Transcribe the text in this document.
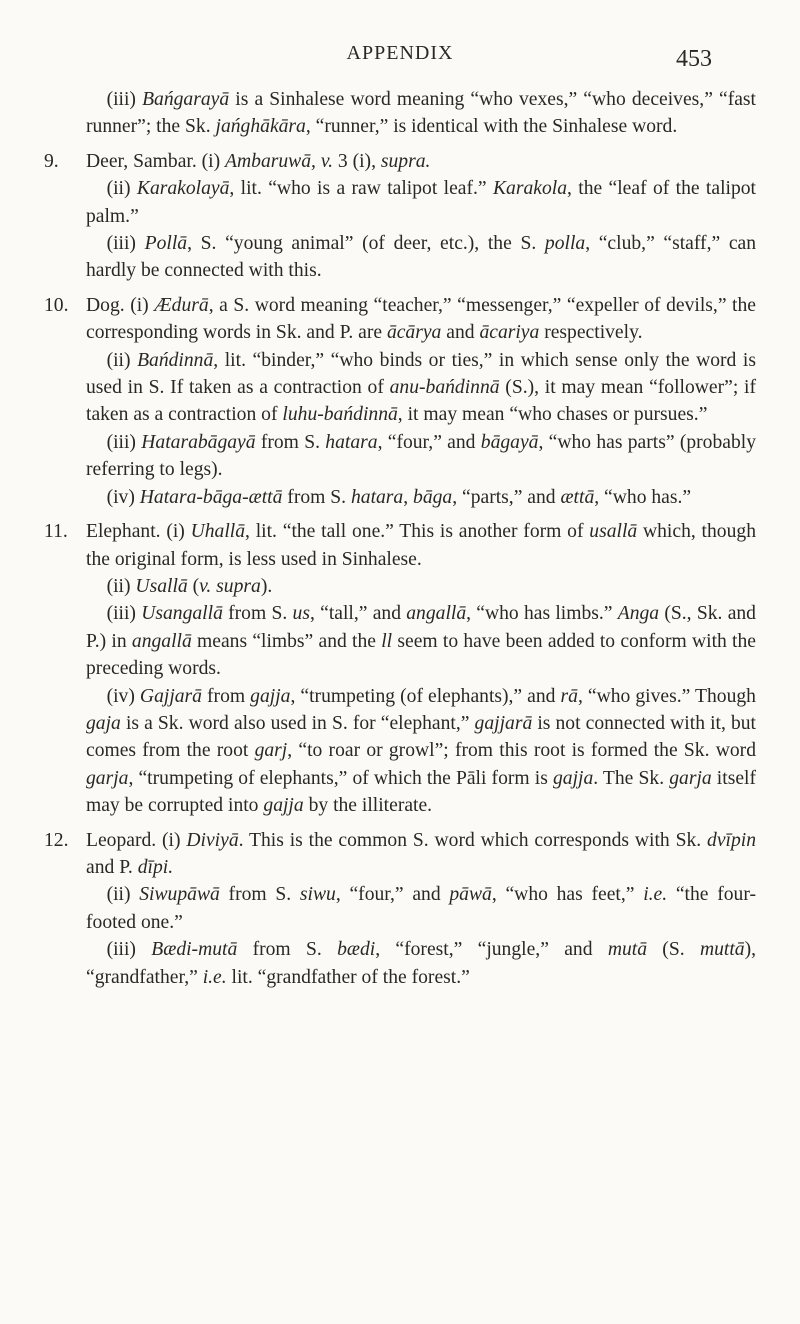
APPENDIX	453

(iii) Bańgarayā is a Sinhalese word meaning “who vexes,” “who deceives,” “fast runner”; the Sk. jańghākāra, “runner,” is identical with the Sinhalese word.

9. Deer, Sambar. (i) Ambaruwā, v. 3 (i), supra.

(ii) Karakolayā, lit. “who is a raw talipot leaf.” Karakola, the “leaf of the talipot palm.”

(iii) Pollā, S. “young animal” (of deer, etc.), the S. polla, “club,” “staff,” can hardly be connected with this.

10. Dog. (i) Ædurā, a S. word meaning “teacher,” “messenger,” “expeller of devils,” the corresponding words in Sk. and P. are ācārya and ācariya respectively.

(ii) Bańdinnā, lit. “binder,” “who binds or ties,” in which sense only the word is used in S. If taken as a contraction of anu-bańdinnā (S.), it may mean “follower”; if taken as a contraction of luhu-bańdinnā, it may mean “who chases or pursues.”

(iii) Hatarabāgayā from S. hatara, “four,” and bāgayā, “who has parts” (probably referring to legs).

(iv) Hatara-bāga-ættā from S. hatara, bāga, “parts,” and ættā, “who has.”

11. Elephant. (i) Uhallā, lit. “the tall one.” This is another form of usallā which, though the original form, is less used in Sinhalese.

(ii) Usallā (v. supra).

(iii) Usangallā from S. us, “tall,” and angallā, “who has limbs.” Anga (S., Sk. and P.) in angallā means “limbs” and the ll seem to have been added to conform with the preceding words.

(iv) Gajjarā from gajja, “trumpeting (of elephants),” and rā, “who gives.” Though gaja is a Sk. word also used in S. for “elephant,” gajjarā is not connected with it, but comes from the root garj, “to roar or growl”; from this root is formed the Sk. word garja, “trumpeting of elephants,” of which the Pāli form is gajja. The Sk. garja itself may be corrupted into gajja by the illiterate.

12. Leopard. (i) Diviyā. This is the common S. word which corresponds with Sk. dvīpin and P. dīpi.

(ii) Siwupāwā from S. siwu, “four,” and pāwā, “who has feet,” i.e. “the four-footed one.”

(iii) Bædi-mutā from S. bædi, “forest,” “jungle,” and mutā (S. muttā), “grandfather,” i.e. lit. “grandfather of the forest.”
